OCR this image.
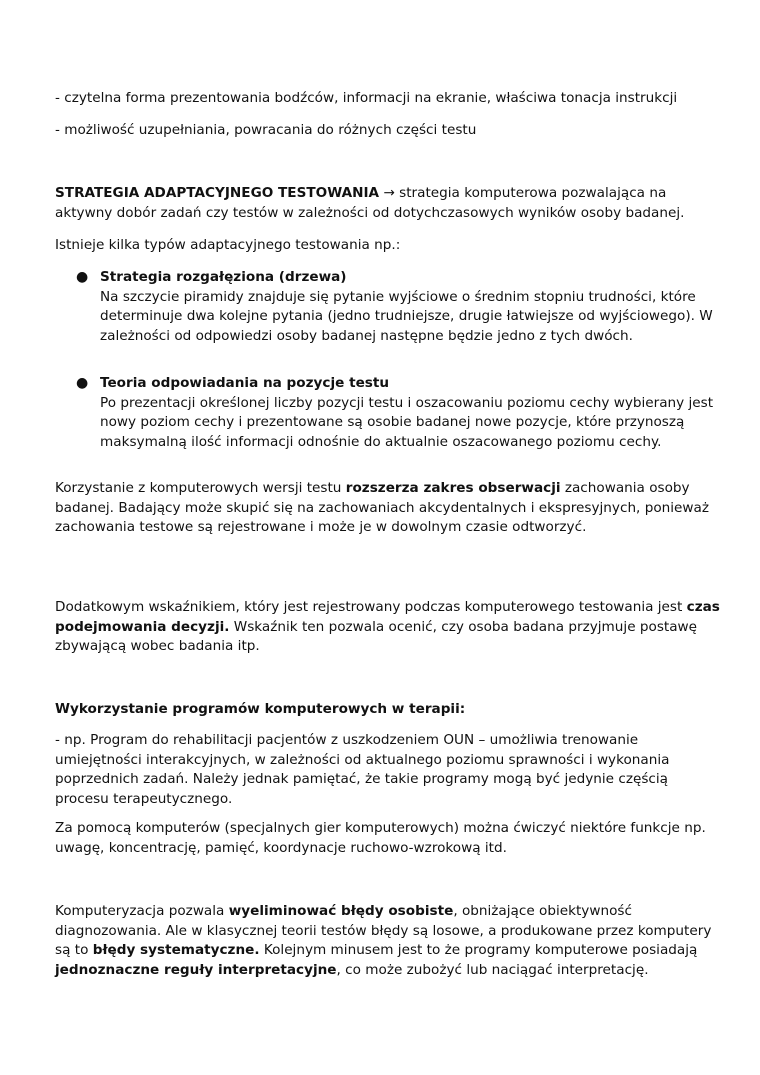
- czytelna forma prezentowania bodźców, informacji na ekranie, właściwa tonacja instrukcji

- możliwość uzupełniania, powracania do różnych części testu

STRATEGIA ADAPTACYJNEGO TESTOWANIA → strategia komputerowa pozwalająca na aktywny dobór zadań czy testów w zależności od dotychczasowych wyników osoby badanej.

Istnieje kilka typów adaptacyjnego testowania np.:

● Strategia rozgałęziona (drzewa)
Na szczycie piramidy znajduje się pytanie wyjściowe o średnim stopniu trudności, które determinuje dwa kolejne pytania (jedno trudniejsze, drugie łatwiejsze od wyjściowego). W zależności od odpowiedzi osoby badanej następne będzie jedno z tych dwóch.
● Teoria odpowiadania na pozycje testu
Po prezentacji określonej liczby pozycji testu i oszacowaniu poziomu cechy wybierany jest nowy poziom cechy i prezentowane są osobie badanej nowe pozycje, które przynoszą maksymalną ilość informacji odnośnie do aktualnie oszacowanego poziomu cechy.

Korzystanie z komputerowych wersji testu rozszerza zakres obserwacji zachowania osoby badanej. Badający może skupić się na zachowaniach akcydentalnych i ekspresyjnych, ponieważ zachowania testowe są rejestrowane i może je w dowolnym czasie odtworzyć.

Dodatkowym wskaźnikiem, który jest rejestrowany podczas komputerowego testowania jest czas podejmowania decyzji. Wskaźnik ten pozwala ocenić, czy osoba badana przyjmuje postawę zbywającą wobec badania itp.

Wykorzystanie programów komputerowych w terapii:

- np. Program do rehabilitacji pacjentów z uszkodzeniem OUN – umożliwia trenowanie umiejętności interakcyjnych, w zależności od aktualnego poziomu sprawności i wykonania poprzednich zadań. Należy jednak pamiętać, że takie programy mogą być jedynie częścią procesu terapeutycznego.

Za pomocą komputerów (specjalnych gier komputerowych) można ćwiczyć niektóre funkcje np. uwagę, koncentrację, pamięć, koordynacje ruchowo-wzrokową itd.

Komputeryzacja pozwala wyeliminować błędy osobiste, obniżające obiektywność diagnozowania. Ale w klasycznej teorii testów błędy są losowe, a produkowane przez komputery są to błędy systematyczne. Kolejnym minusem jest to że programy komputerowe posiadają jednoznaczne reguły interpretacyjne, co może zubożyć lub naciągać interpretację.
